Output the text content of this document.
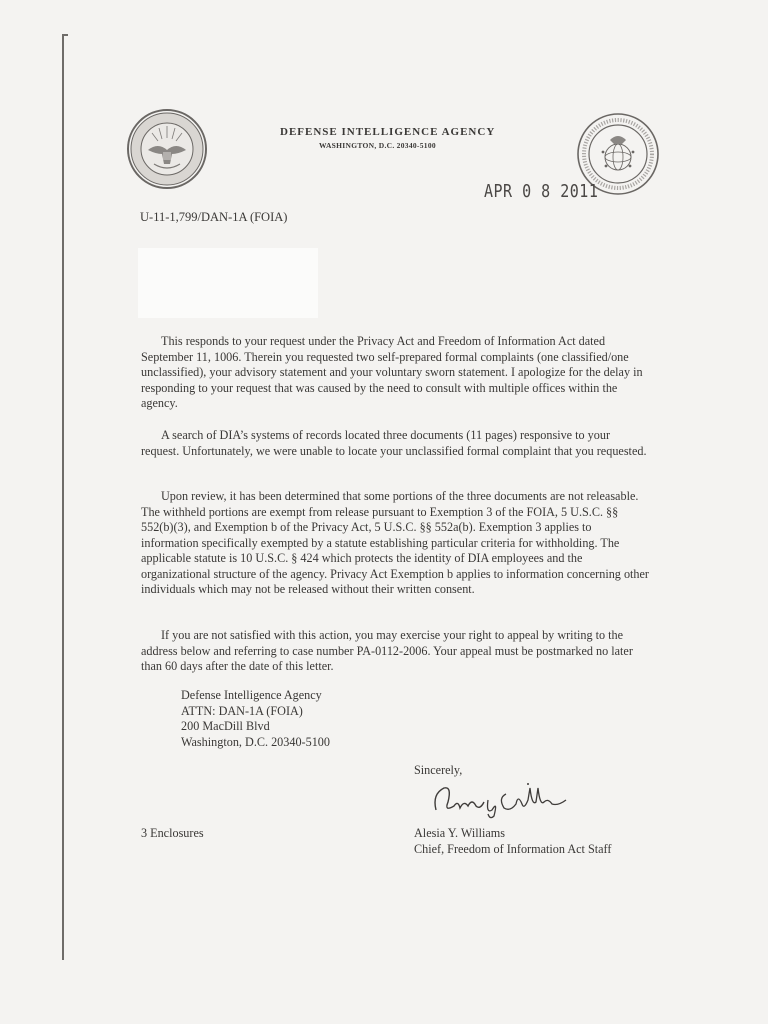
DEFENSE INTELLIGENCE AGENCY
WASHINGTON, D.C. 20340-5100
APR 0 8 2011
U-11-1,799/DAN-1A (FOIA)

This responds to your request under the Privacy Act and Freedom of Information Act dated September 11, 1006. Therein you requested two self-prepared formal complaints (one classified/one unclassified), your advisory statement and your voluntary sworn statement. I apologize for the delay in responding to your request that was caused by the need to consult with multiple offices within the agency.

A search of DIA’s systems of records located three documents (11 pages) responsive to your request. Unfortunately, we were unable to locate your unclassified formal complaint that you requested.

Upon review, it has been determined that some portions of the three documents are not releasable. The withheld portions are exempt from release pursuant to Exemption 3 of the FOIA, 5 U.S.C. §§ 552(b)(3), and Exemption b of the Privacy Act, 5 U.S.C. §§ 552a(b). Exemption 3 applies to information specifically exempted by a statute establishing particular criteria for withholding. The applicable statute is 10 U.S.C. § 424 which protects the identity of DIA employees and the organizational structure of the agency. Privacy Act Exemption b applies to information concerning other individuals which may not be released without their written consent.

If you are not satisfied with this action, you may exercise your right to appeal by writing to the address below and referring to case number PA-0112-2006. Your appeal must be postmarked no later than 60 days after the date of this letter.

Defense Intelligence Agency
ATTN: DAN-1A (FOIA)
200 MacDill Blvd
Washington, D.C. 20340-5100
Sincerely,
3 Enclosures	Alesia Y. Williams
Chief, Freedom of Information Act Staff
